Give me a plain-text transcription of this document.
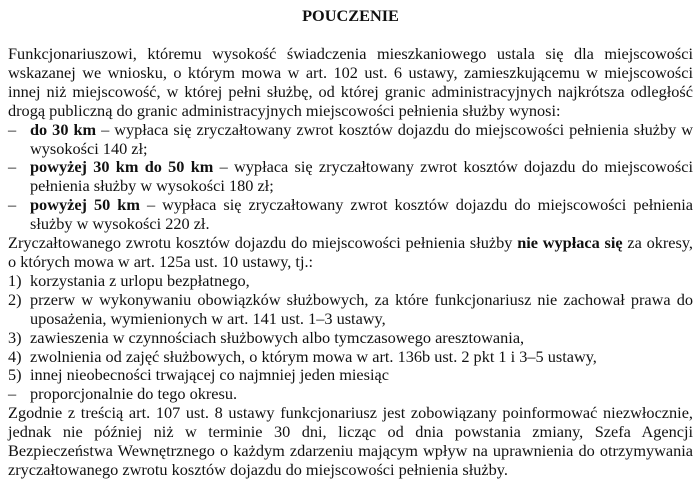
POUCZENIE
Funkcjonariuszowi, któremu wysokość świadczenia mieszkaniowego ustala się dla miejscowości wskazanej we wniosku, o którym mowa w art. 102 ust. 6 ustawy, zamieszkującemu w miejscowości innej niż miejscowość, w której pełni służbę, od której granic administracyjnych najkrótsza odległość drogą publiczną do granic administracyjnych miejscowości pełnienia służby wynosi:
– do 30 km – wypłaca się zryczałtowany zwrot kosztów dojazdu do miejscowości pełnienia służby w wysokości 140 zł;
– powyżej 30 km do 50 km – wypłaca się zryczałtowany zwrot kosztów dojazdu do miejscowości pełnienia służby w wysokości 180 zł;
– powyżej 50 km – wypłaca się zryczałtowany zwrot kosztów dojazdu do miejscowości pełnienia służby w wysokości 220 zł.
Zryczałtowanego zwrotu kosztów dojazdu do miejscowości pełnienia służby nie wypłaca się za okresy, o których mowa w art. 125a ust. 10 ustawy, tj.:
1) korzystania z urlopu bezpłatnego,
2) przerw w wykonywaniu obowiązków służbowych, za które funkcjonariusz nie zachował prawa do uposażenia, wymienionych w art. 141 ust. 1–3 ustawy,
3) zawieszenia w czynnościach służbowych albo tymczasowego aresztowania,
4) zwolnienia od zajęć służbowych, o którym mowa w art. 136b ust. 2 pkt 1 i 3–5 ustawy,
5) innej nieobecności trwającej co najmniej jeden miesiąc
– proporcjonalnie do tego okresu.
Zgodnie z treścią art. 107 ust. 8 ustawy funkcjonariusz jest zobowiązany poinformować niezwłocznie, jednak nie później niż w terminie 30 dni, licząc od dnia powstania zmiany, Szefa Agencji Bezpieczeństwa Wewnętrznego o każdym zdarzeniu mającym wpływ na uprawnienia do otrzymywania zryczałtowanego zwrotu kosztów dojazdu do miejscowości pełnienia służby.
